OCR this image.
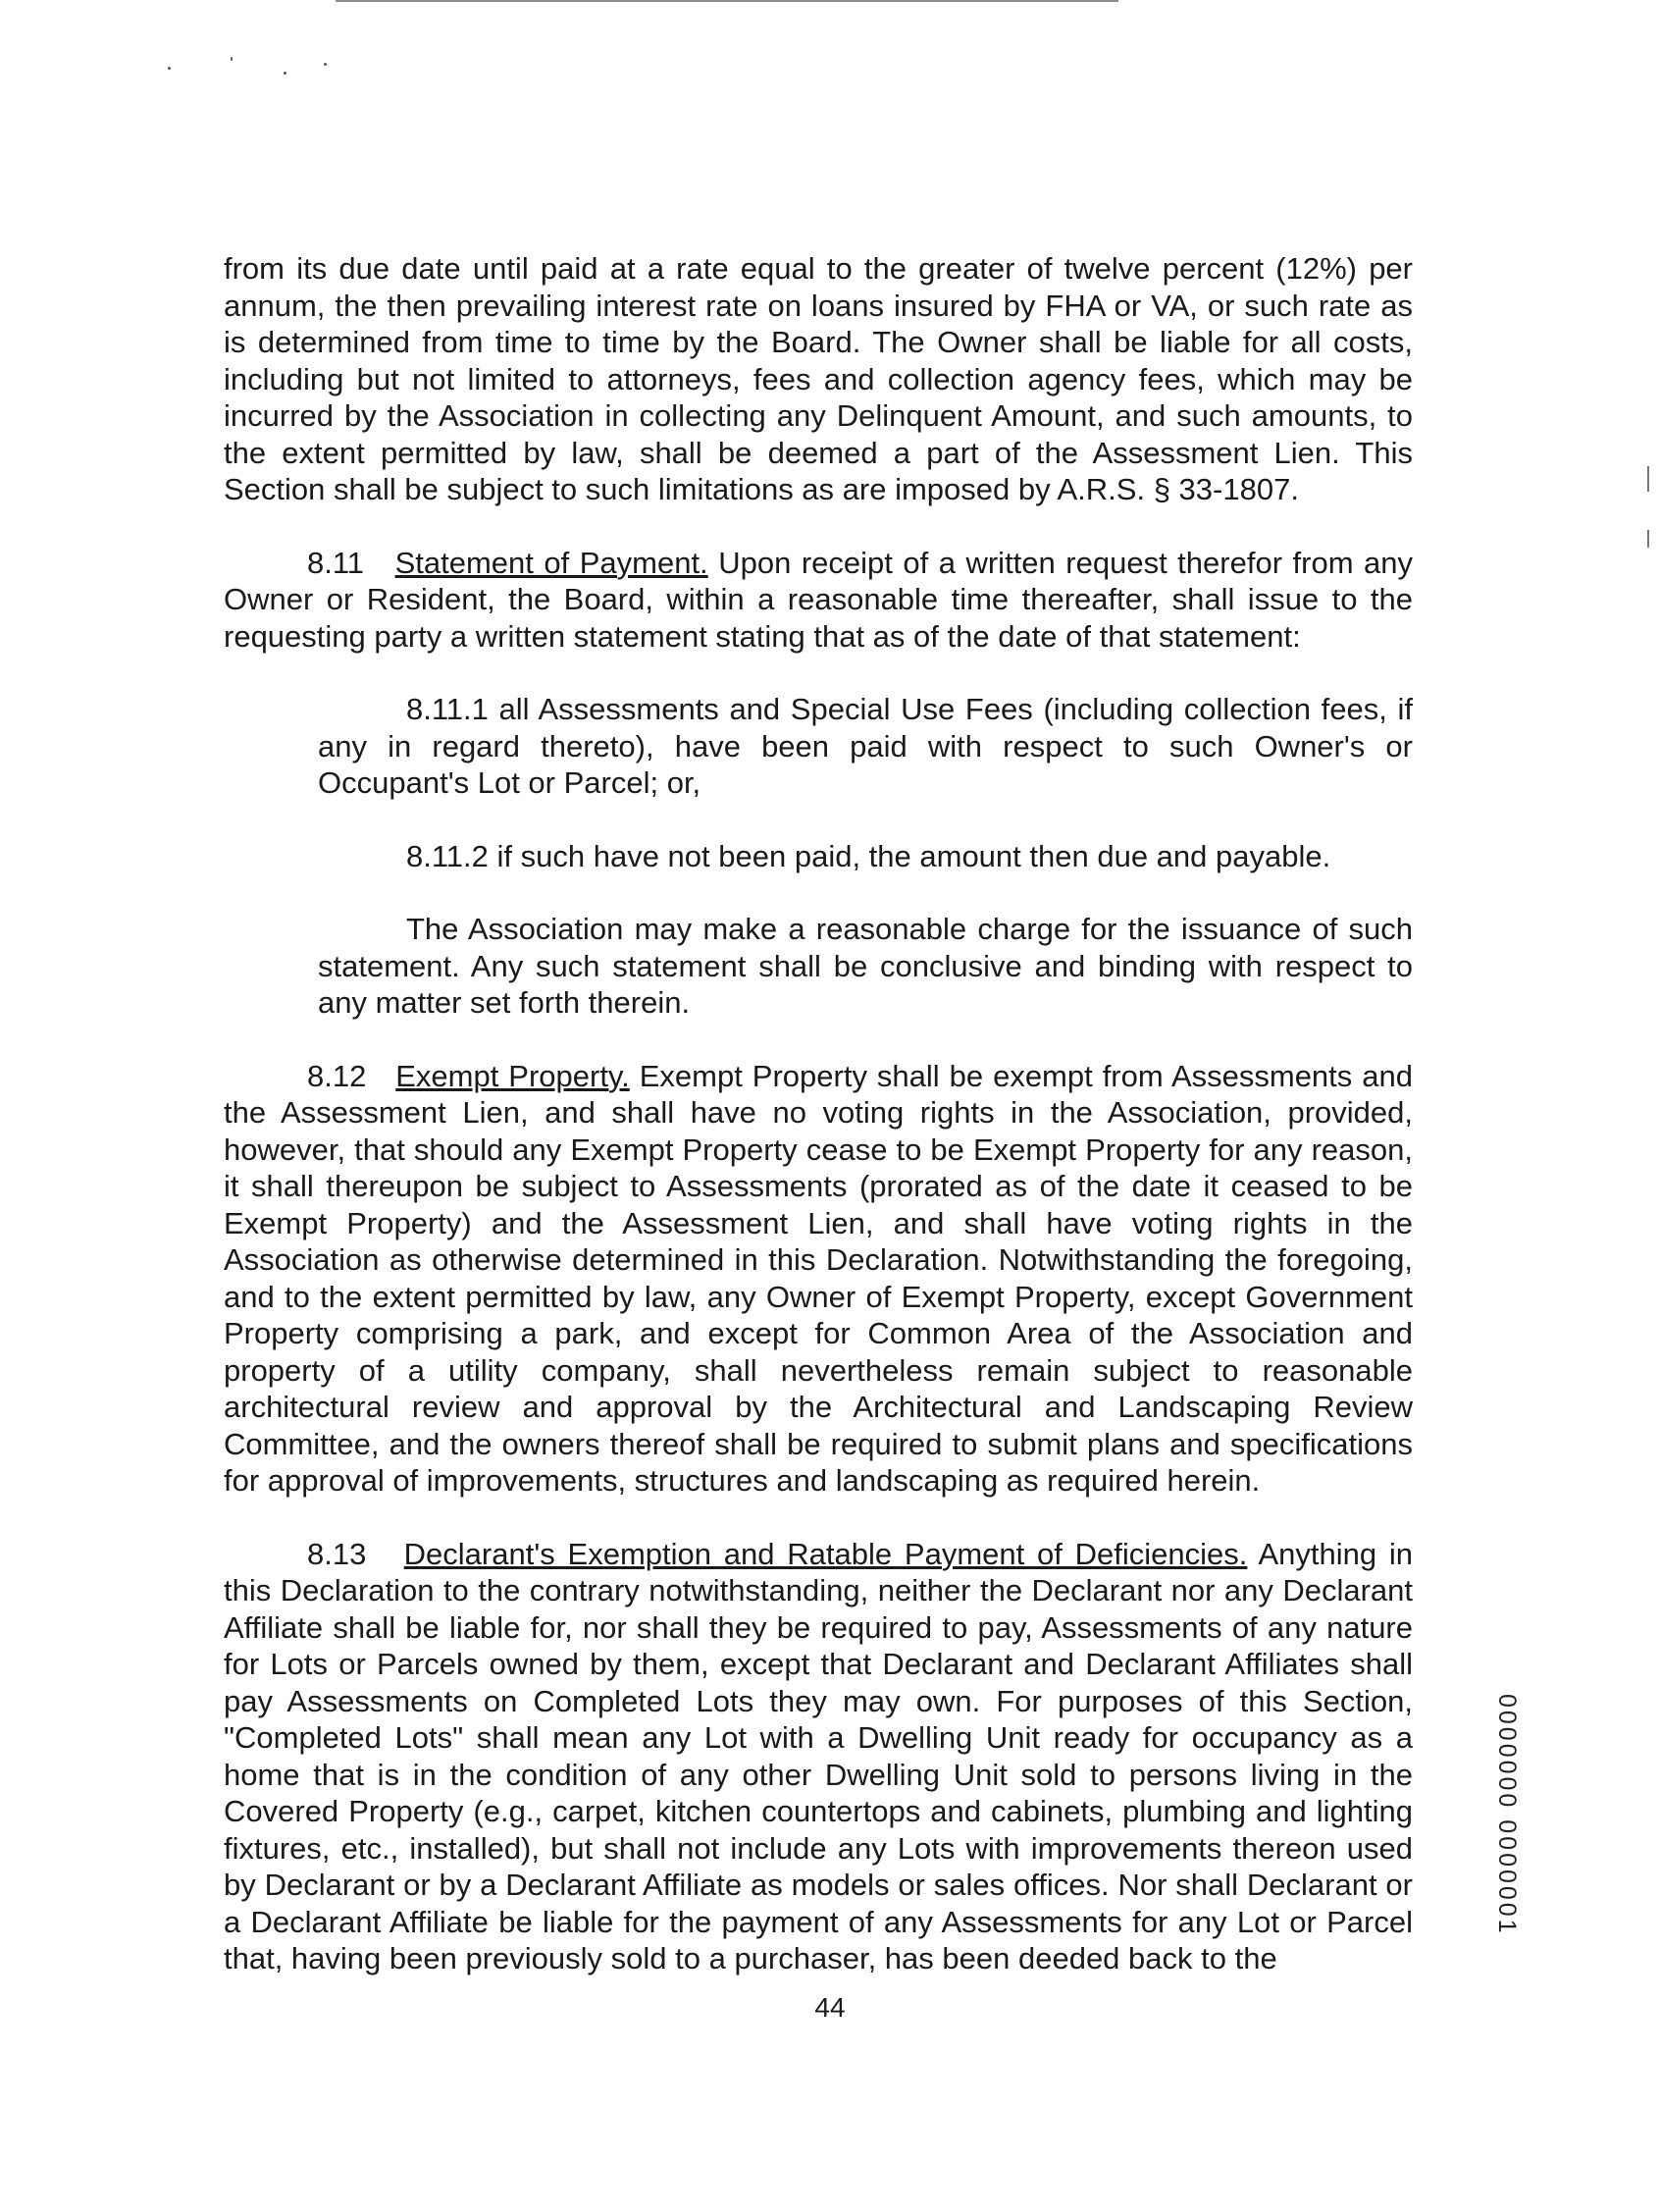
from its due date until paid at a rate equal to the greater of twelve percent (12%) per annum, the then prevailing interest rate on loans insured by FHA or VA, or such rate as is determined from time to time by the Board. The Owner shall be liable for all costs, including but not limited to attorneys, fees and collection agency fees, which may be incurred by the Association in collecting any Delinquent Amount, and such amounts, to the extent permitted by law, shall be deemed a part of the Assessment Lien. This Section shall be subject to such limitations as are imposed by A.R.S. § 33-1807.

8.11 Statement of Payment. Upon receipt of a written request therefor from any Owner or Resident, the Board, within a reasonable time thereafter, shall issue to the requesting party a written statement stating that as of the date of that statement:

8.11.1 all Assessments and Special Use Fees (including collection fees, if any in regard thereto), have been paid with respect to such Owner's or Occupant's Lot or Parcel; or,

8.11.2 if such have not been paid, the amount then due and payable.

The Association may make a reasonable charge for the issuance of such statement. Any such statement shall be conclusive and binding with respect to any matter set forth therein.

8.12 Exempt Property. Exempt Property shall be exempt from Assessments and the Assessment Lien, and shall have no voting rights in the Association, provided, however, that should any Exempt Property cease to be Exempt Property for any reason, it shall thereupon be subject to Assessments (prorated as of the date it ceased to be Exempt Property) and the Assessment Lien, and shall have voting rights in the Association as otherwise determined in this Declaration. Notwithstanding the foregoing, and to the extent permitted by law, any Owner of Exempt Property, except Government Property comprising a park, and except for Common Area of the Association and property of a utility company, shall nevertheless remain subject to reasonable architectural review and approval by the Architectural and Landscaping Review Committee, and the owners thereof shall be required to submit plans and specifications for approval of improvements, structures and landscaping as required herein.

8.13 Declarant's Exemption and Ratable Payment of Deficiencies. Anything in this Declaration to the contrary notwithstanding, neither the Declarant nor any Declarant Affiliate shall be liable for, nor shall they be required to pay, Assessments of any nature for Lots or Parcels owned by them, except that Declarant and Declarant Affiliates shall pay Assessments on Completed Lots they may own. For purposes of this Section, "Completed Lots" shall mean any Lot with a Dwelling Unit ready for occupancy as a home that is in the condition of any other Dwelling Unit sold to persons living in the Covered Property (e.g., carpet, kitchen countertops and cabinets, plumbing and lighting fixtures, etc., installed), but shall not include any Lots with improvements thereon used by Declarant or by a Declarant Affiliate as models or sales offices. Nor shall Declarant or a Declarant Affiliate be liable for the payment of any Assessments for any Lot or Parcel that, having been previously sold to a purchaser, has been deeded back to the

44
0000000 0000001
